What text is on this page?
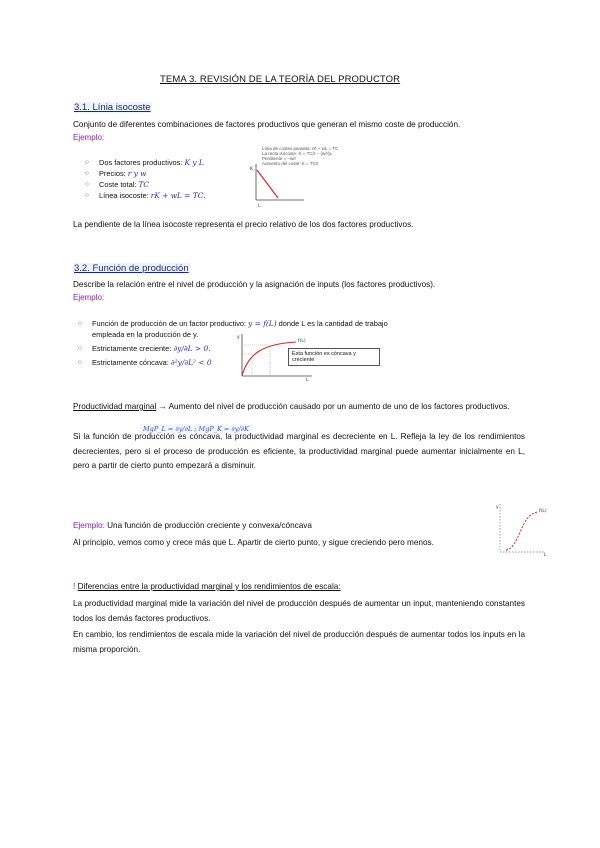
TEMA 3. REVISIÓN DE LA TEORÍA DEL PRODUCTOR
3.1. Línia isocoste
Conjunto de diferentes combinaciones de factores productivos que generan el mismo coste de producción.
Ejemplo:
○ Dos factores productivos: K y L
○ Precios: r y w
○ Coste total: TC
○ Línea isocoste: rK + wL = TC.
Línia de costes paralela: rK + wL = TC
La recta isocoste: K = TC/r − (w/r)L
Pendiente = −w/r
Aumento del coste: K = TC/r
K
L
La pendiente de la línea isocoste representa el precio relativo de los dos factores productivos.
3.2. Función de producción
Describe la relación entre el nivel de producción y la asignación de inputs (los factores productivos).
Ejemplo:
○ Función de producción de un factor productivo: y = f(L) donde L es la cantidad de trabajo empleada en la producción de y.
○ Estrictamente creciente: ∂y/∂L > 0.
○ Estrictamente cóncava: ∂²y/∂L² < 0
y
f(L)
L
Esta función es cóncava y creciente
Productividad marginal → Aumento del nivel de producción causado por un aumento de uno de los factores productivos.
MgP_L = ∂y/∂L ; MgP_K = ∂y/∂K
Si la función de producción es cóncava, la productividad marginal es decreciente en L. Refleja la ley de los rendimientos decrecientes, pero si el proceso de producción es eficiente, la productividad marginal puede aumentar inicialmente en L, pero a partir de cierto punto empezará a disminuir.
Ejemplo: Una función de producción creciente y convexa/cóncava
Al principio, vemos como y crece más que L. Apartir de cierto punto, y sigue creciendo pero menos.
y
f(L)
L
! Diferencias entre la productividad marginal y los rendimientos de escala:
La productividad marginal mide la variación del nivel de producción después de aumentar un input, manteniendo constantes todos los demás factores productivos.
En cambio, los rendimientos de escala mide la variación del nivel de producción después de aumentar todos los inputs en la misma proporción.
